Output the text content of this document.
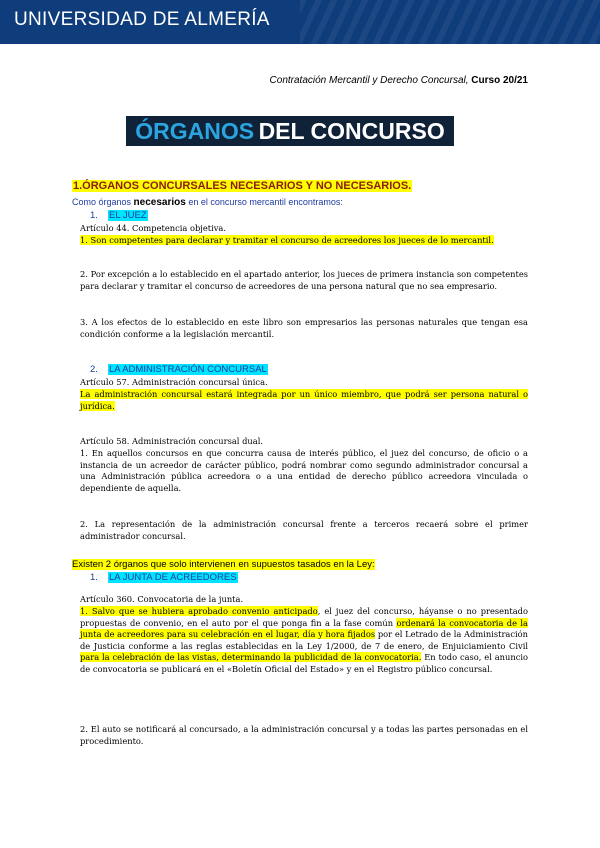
UNIVERSIDAD DE ALMERÍA
Contratación Mercantil y Derecho Concursal, Curso 20/21
ÓRGANOS DEL CONCURSO
1.ÓRGANOS CONCURSALES NECESARIOS Y NO NECESARIOS.
Como órganos necesarios en el concurso mercantil encontramos:
1. EL JUEZ
Artículo 44. Competencia objetiva.
1. Son competentes para declarar y tramitar el concurso de acreedores los jueces de lo mercantil.
2. Por excepción a lo establecido en el apartado anterior, los jueces de primera instancia son competentes para declarar y tramitar el concurso de acreedores de una persona natural que no sea empresario.
3. A los efectos de lo establecido en este libro son empresarios las personas naturales que tengan esa condición conforme a la legislación mercantil.
2. LA ADMINISTRACIÓN CONCURSAL
Artículo 57. Administración concursal única.
La administración concursal estará integrada por un único miembro, que podrá ser persona natural o jurídica.
Artículo 58. Administración concursal dual.
1. En aquellos concursos en que concurra causa de interés público, el juez del concurso, de oficio o a instancia de un acreedor de carácter público, podrá nombrar como segundo administrador concursal a una Administración pública acreedora o a una entidad de derecho público acreedora vinculada o dependiente de aquella.
2. La representación de la administración concursal frente a terceros recaerá sobre el primer administrador concursal.
Existen 2 órganos que solo intervienen en supuestos tasados en la Ley:
1. LA JUNTA DE ACREEDORES
Artículo 360. Convocatoria de la junta.
1. Salvo que se hubiera aprobado convenio anticipado, el juez del concurso, háyanse o no presentado propuestas de convenio, en el auto por el que ponga fin a la fase común ordenará la convocatoria de la junta de acreedores para su celebración en el lugar, día y hora fijados por el Letrado de la Administración de Justicia conforme a las reglas establecidas en la Ley 1/2000, de 7 de enero, de Enjuiciamiento Civil para la celebración de las vistas, determinando la publicidad de la convocatoria. En todo caso, el anuncio de convocatoria se publicará en el «Boletín Oficial del Estado» y en el Registro público concursal.
2. El auto se notificará al concursado, a la administración concursal y a todas las partes personadas en el procedimiento.
